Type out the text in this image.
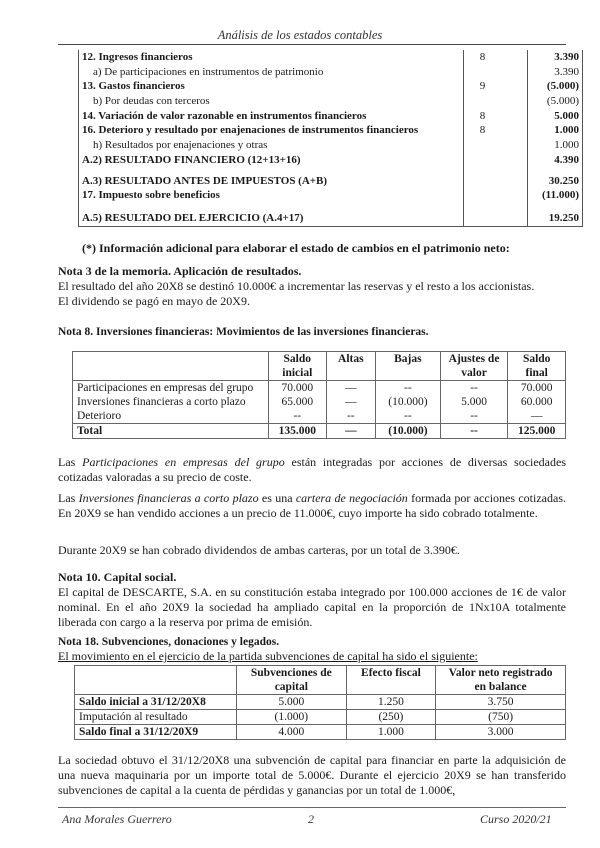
Análisis de los estados contables
12. Ingresos financieros	8	3.390
a) De participaciones en instrumentos de patrimonio	3.390
13. Gastos financieros	9	(5.000)
b) Por deudas con terceros	(5.000)
14. Variación de valor razonable en instrumentos financieros	8	5.000
16. Deterioro y resultado por enajenaciones de instrumentos financieros	8	1.000
h) Resultados por enajenaciones y otras	1.000
A.2) RESULTADO FINANCIERO (12+13+16)	4.390
A.3) RESULTADO ANTES DE IMPUESTOS (A+B)	30.250
17. Impuesto sobre beneficios	(11.000)
A.5) RESULTADO DEL EJERCICIO (A.4+17)	19.250
(*) Información adicional para elaborar el estado de cambios en el patrimonio neto:
Nota 3 de la memoria. Aplicación de resultados.
El resultado del año 20X8 se destinó 10.000€ a incrementar las reservas y el resto a los accionistas.
El dividendo se pagó en mayo de 20X9.
Nota 8. Inversiones financieras: Movimientos de las inversiones financieras.
	Saldo
inicial	Altas	Bajas	Ajustes de
valor	Saldo
final
Participaciones en empresas del grupo	70.000	—	--	--	70.000
Inversiones financieras a corto plazo	65.000	—	(10.000)	5.000	60.000
Deterioro	--	--	--	--	—
Total	135.000	—	(10.000)	--	125.000
Las Participaciones en empresas del grupo están integradas por acciones de diversas sociedades cotizadas valoradas a su precio de coste.
Las Inversiones financieras a corto plazo es una cartera de negociación formada por acciones cotizadas. En 20X9 se han vendido acciones a un precio de 11.000€, cuyo importe ha sido cobrado totalmente.
Durante 20X9 se han cobrado dividendos de ambas carteras, por un total de 3.390€.
Nota 10. Capital social.
El capital de DESCARTE, S.A. en su constitución estaba integrado por 100.000 acciones de 1€ de valor nominal. En el año 20X9 la sociedad ha ampliado capital en la proporción de 1Nx10A totalmente liberada con cargo a la reserva por prima de emisión.
Nota 18. Subvenciones, donaciones y legados.
El movimiento en el ejercicio de la partida subvenciones de capital ha sido el siguiente:
	Subvenciones de
capital	Efecto fiscal	Valor neto registrado
en balance
Saldo inicial a 31/12/20X8	5.000	1.250	3.750
Imputación al resultado	(1.000)	(250)	(750)
Saldo final a 31/12/20X9	4.000	1.000	3.000
La sociedad obtuvo el 31/12/20X8 una subvención de capital para financiar en parte la adquisición de una nueva maquinaria por un importe total de 5.000€. Durante el ejercicio 20X9 se han transferido subvenciones de capital a la cuenta de pérdidas y ganancias por un total de 1.000€,
Ana Morales Guerrero	2	Curso 2020/21
